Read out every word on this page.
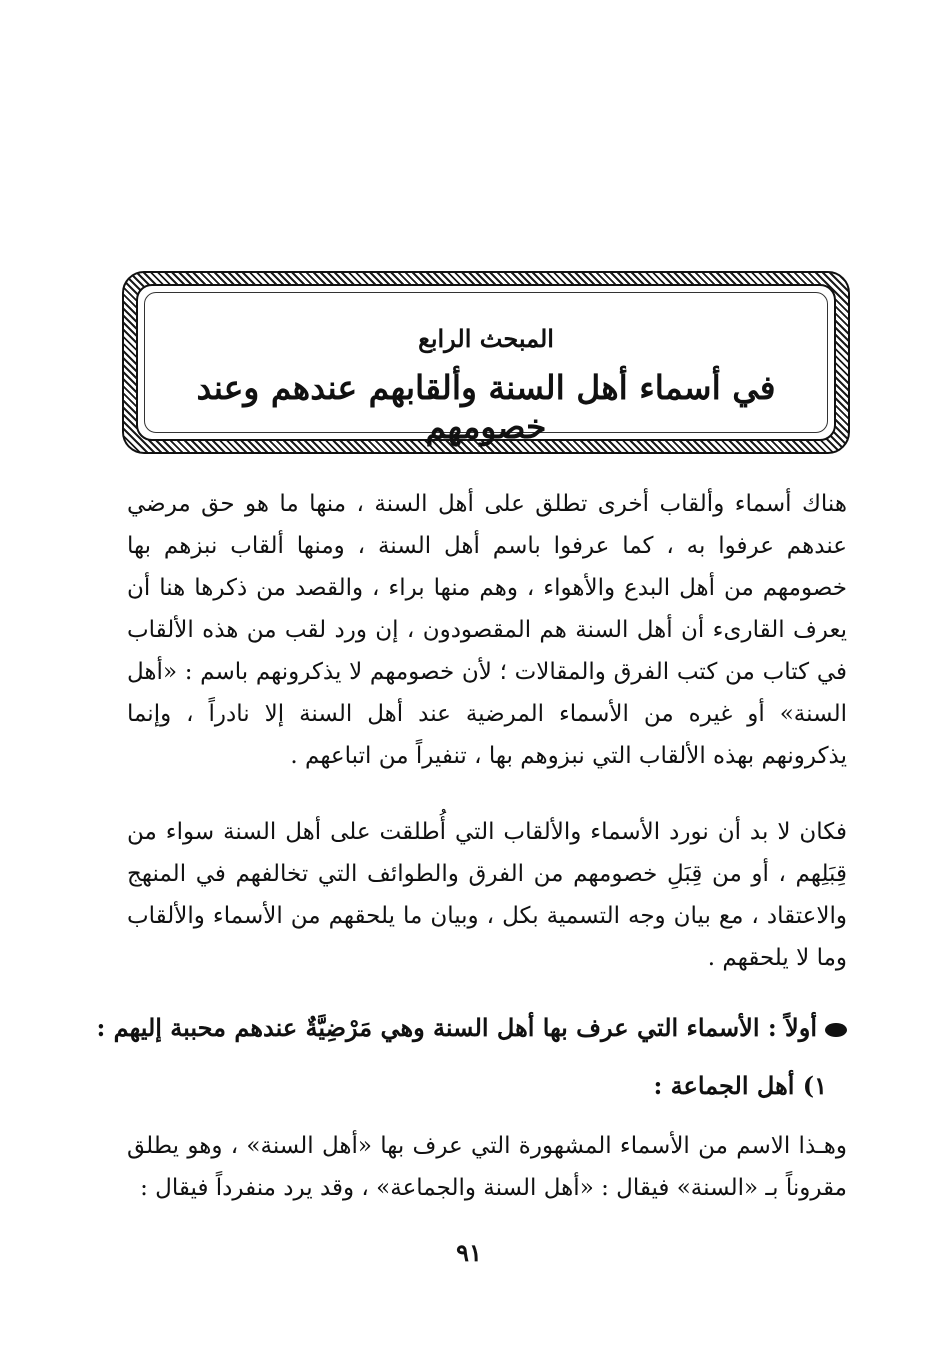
المبحث الرابع
في أسماء أهل السنة وألقابهم عندهم وعند خصومهم
هناك أسماء وألقاب أخرى تطلق على أهل السنة ، منها ما هو حق مرضي عندهم عرفوا به ، كما عرفوا باسم أهل السنة ، ومنها ألقاب نبزهم بها خصومهم من أهل البدع والأهواء ، وهم منها براء ، والقصد من ذكرها هنا أن يعرف القارىء أن أهل السنة هم المقصودون ، إن ورد لقب من هذه الألقاب في كتاب من كتب الفرق والمقالات ؛ لأن خصومهم لا يذكرونهم باسم : «أهل السنة» أو غيره من الأسماء المرضية عند أهل السنة إلا نادراً ، وإنما يذكرونهم بهذه الألقاب التي نبزوهم بها ، تنفيراً من اتباعهم .
فكان لا بد أن نورد الأسماء والألقاب التي أُطلقت على أهل السنة سواء من قِبَلِهم ، أو من قِبَلِ خصومهم من الفرق والطوائف التي تخالفهم في المنهج والاعتقاد ، مع بيان وجه التسمية بكل ، وبيان ما يلحقهم من الأسماء والألقاب وما لا يلحقهم .
أولاً : الأسماء التي عرف بها أهل السنة وهي مَرْضِيَّةٌ عندهم محببة إليهم :
١) أهل الجماعة :
وهـذا الاسم من الأسماء المشهورة التي عرف بها «أهل السنة» ، وهو يطلق مقروناً بـ «السنة» فيقال : «أهل السنة والجماعة» ، وقد يرد منفرداً فيقال :
٩١
